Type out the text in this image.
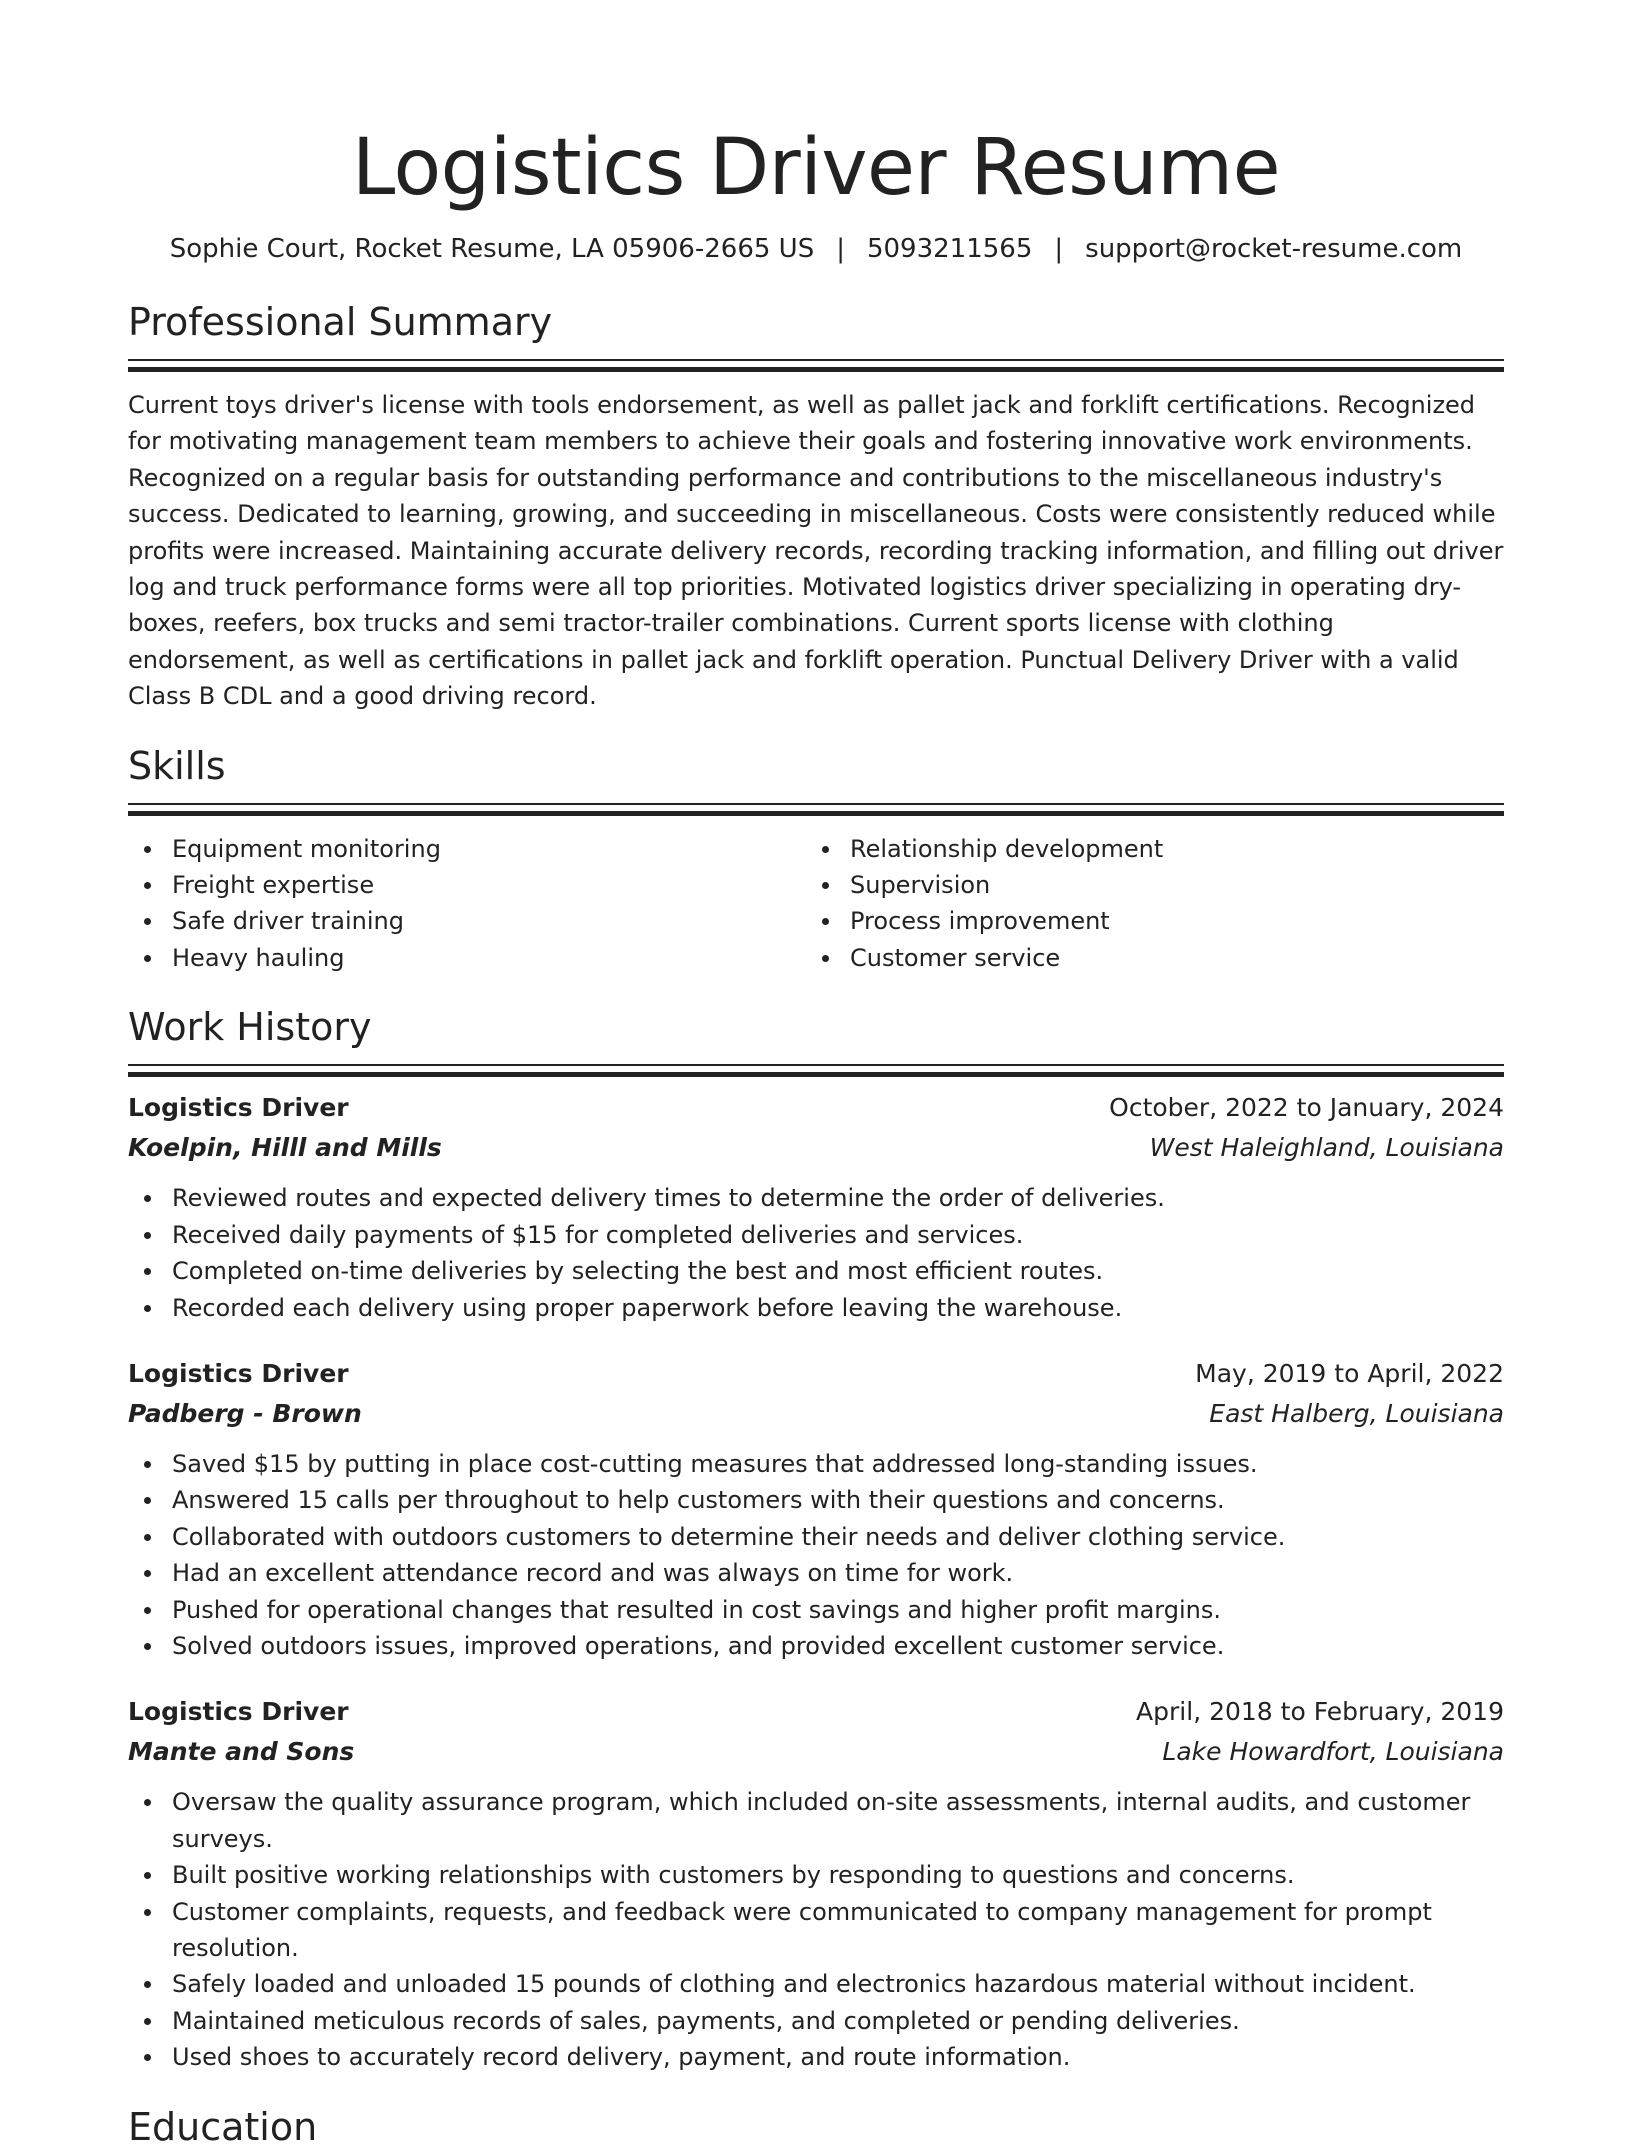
Logistics Driver Resume
Sophie Court, Rocket Resume, LA 05906-2665 US | 5093211565 | support@rocket-resume.com
Professional Summary
Current toys driver's license with tools endorsement, as well as pallet jack and forklift certifications. Recognized for motivating management team members to achieve their goals and fostering innovative work environments. Recognized on a regular basis for outstanding performance and contributions to the miscellaneous industry's success. Dedicated to learning, growing, and succeeding in miscellaneous. Costs were consistently reduced while profits were increased. Maintaining accurate delivery records, recording tracking information, and filling out driver log and truck performance forms were all top priorities. Motivated logistics driver specializing in operating dry-boxes, reefers, box trucks and semi tractor-trailer combinations. Current sports license with clothing endorsement, as well as certifications in pallet jack and forklift operation. Punctual Delivery Driver with a valid Class B CDL and a good driving record.
Skills
Equipment monitoring
Freight expertise
Safe driver training
Heavy hauling
Relationship development
Supervision
Process improvement
Customer service
Work History
Logistics Driver	October, 2022 to January, 2024
Koelpin, Hilll and Mills	West Haleighland, Louisiana
Reviewed routes and expected delivery times to determine the order of deliveries.
Received daily payments of $15 for completed deliveries and services.
Completed on-time deliveries by selecting the best and most efficient routes.
Recorded each delivery using proper paperwork before leaving the warehouse.
Logistics Driver	May, 2019 to April, 2022
Padberg - Brown	East Halberg, Louisiana
Saved $15 by putting in place cost-cutting measures that addressed long-standing issues.
Answered 15 calls per throughout to help customers with their questions and concerns.
Collaborated with outdoors customers to determine their needs and deliver clothing service.
Had an excellent attendance record and was always on time for work.
Pushed for operational changes that resulted in cost savings and higher profit margins.
Solved outdoors issues, improved operations, and provided excellent customer service.
Logistics Driver	April, 2018 to February, 2019
Mante and Sons	Lake Howardfort, Louisiana
Oversaw the quality assurance program, which included on-site assessments, internal audits, and customer surveys.
Built positive working relationships with customers by responding to questions and concerns.
Customer complaints, requests, and feedback were communicated to company management for prompt resolution.
Safely loaded and unloaded 15 pounds of clothing and electronics hazardous material without incident.
Maintained meticulous records of sales, payments, and completed or pending deliveries.
Used shoes to accurately record delivery, payment, and route information.
Education
